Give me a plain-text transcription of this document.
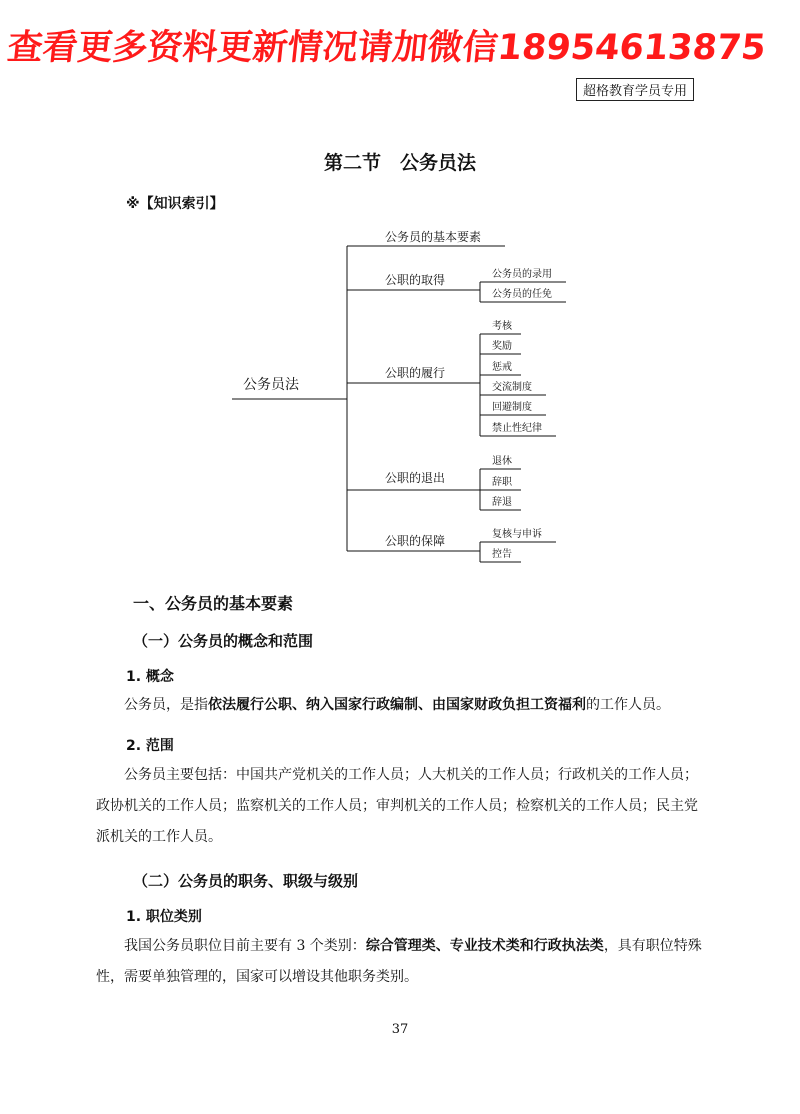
查看更多资料更新情况请加微信18954613875
超格教育学员专用
第二节　公务员法
※【知识索引】
公务员法
公务员的基本要素
公职的取得
公职的履行
公职的退出
公职的保障
公务员的录用
公务员的任免
考核
奖励
惩戒
交流制度
回避制度
禁止性纪律
退休
辞职
辞退
复核与申诉
控告
一、公务员的基本要素
（一）公务员的概念和范围
1. 概念
公务员，是指依法履行公职、纳入国家行政编制、由国家财政负担工资福利的工作人员。
2. 范围
公务员主要包括：中国共产党机关的工作人员；人大机关的工作人员；行政机关的工作人员；政协机关的工作人员；监察机关的工作人员；审判机关的工作人员；检察机关的工作人员；民主党派机关的工作人员。
（二）公务员的职务、职级与级别
1. 职位类别
我国公务员职位目前主要有 3 个类别：综合管理类、专业技术类和行政执法类，具有职位特殊性，需要单独管理的，国家可以增设其他职务类别。
37
